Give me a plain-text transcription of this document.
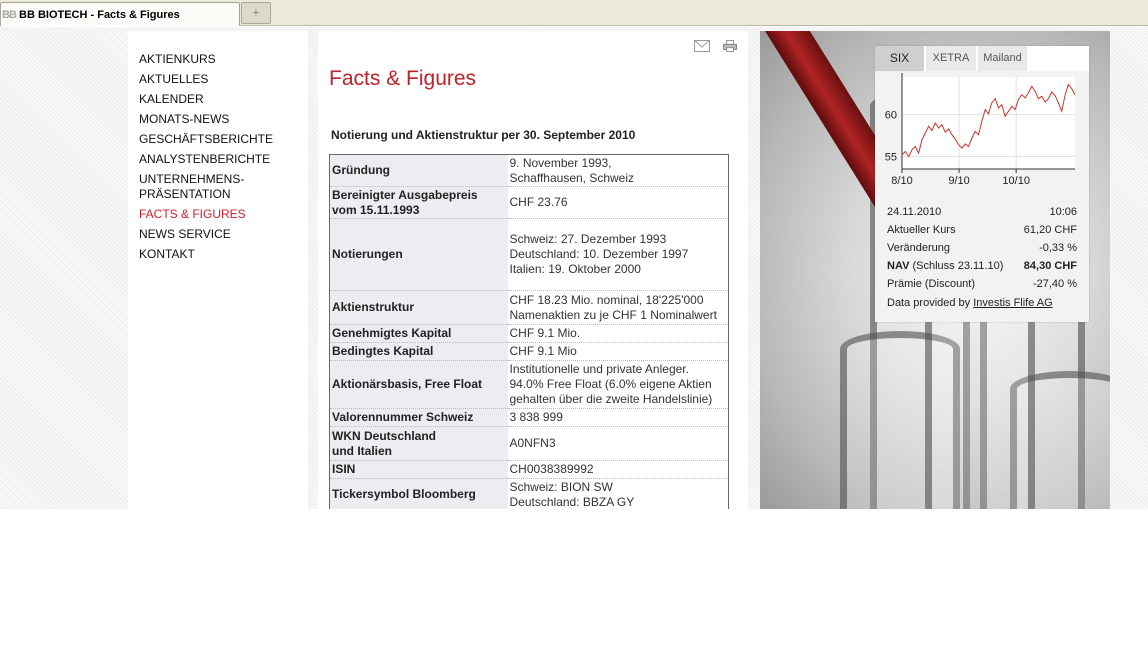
BB BB BIOTECH - Facts & Figures	+
AKTIENKURS
AKTUELLES
KALENDER
MONATS-NEWS
GESCHÄFTSBERICHTE
ANALYSTENBERICHTE
UNTERNEHMENS-
PRÄSENTATION
FACTS & FIGURES
NEWS SERVICE
KONTAKT

Facts & Figures
Notierung und Aktienstruktur per 30. September 2010
Gründung	9. November 1993,
Schaffhausen, Schweiz
Bereinigter Ausgabepreis
vom 15.11.1993	CHF 23.76
Notierungen	Schweiz: 27. Dezember 1993
Deutschland: 10. Dezember 1997
Italien: 19. Oktober 2000
Aktienstruktur	CHF 18.23 Mio. nominal, 18'225'000
Namenaktien zu je CHF 1 Nominalwert
Genehmigtes Kapital	CHF 9.1 Mio.
Bedingtes Kapital	CHF 9.1 Mio
Aktionärsbasis, Free Float	Institutionelle und private Anleger.
94.0% Free Float (6.0% eigene Aktien
gehalten über die zweite Handelslinie)
Valorennummer Schweiz	3 838 999
WKN Deutschland
und Italien	A0NFN3
ISIN	CH0038389992
Tickersymbol Bloomberg	Schweiz: BION SW
Deutschland: BBZA GY
SIX	XETRA	Mailand
55
60
8/10	9/10	10/10
24.11.2010	10:06
Aktueller Kurs	61,20 CHF
Veränderung	-0,33 %
NAV (Schluss 23.11.10) 84,30 CHF
Prämie (Discount)	-27,40 %
Data provided by Investis Flife AG
